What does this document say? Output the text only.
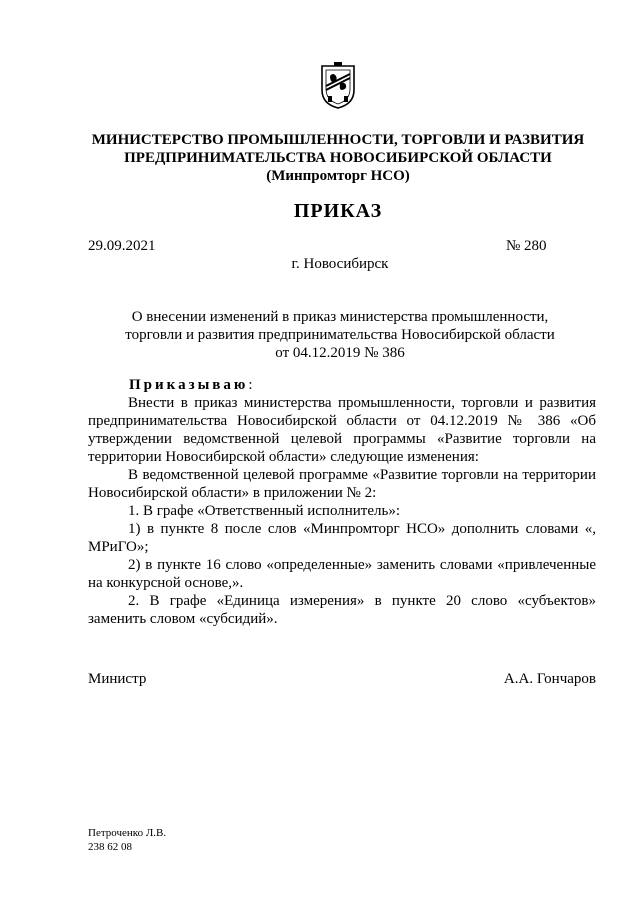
МИНИСТЕРСТВО ПРОМЫШЛЕННОСТИ, ТОРГОВЛИ И РАЗВИТИЯ
ПРЕДПРИНИМАТЕЛЬСТВА НОВОСИБИРСКОЙ ОБЛАСТИ
(Минпромторг НСО)
ПРИКАЗ
29.09.2021	№ 280
г. Новосибирск
О внесении изменений в приказ министерства промышленности,
торговли и развития предпринимательства Новосибирской области
от 04.12.2019 № 386
Приказываю:

Внести в приказ министерства промышленности, торговли и развития предпринимательства Новосибирской области от 04.12.2019 № 386 «Об утверждении ведомственной целевой программы «Развитие торговли на территории Новосибирской области» следующие изменения:

В ведомственной целевой программе «Развитие торговли на территории Новосибирской области» в приложении № 2:

1. В графе «Ответственный исполнитель»:

1) в пункте 8 после слов «Минпромторг НСО» дополнить словами «, МРиГО»;

2) в пункте 16 слово «определенные» заменить словами «привлеченные на конкурсной основе,».

2. В графе «Единица измерения» в пункте 20 слово «субъектов» заменить словом «субсидий».

Министр	А.А. Гончаров
Петроченко Л.В.
238 62 08
